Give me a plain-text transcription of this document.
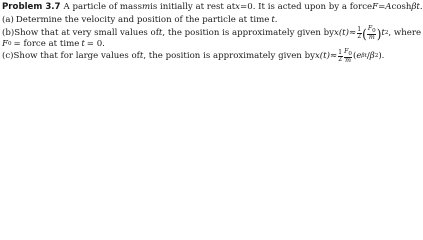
Problem 3.7 A particle of mass m is initially at rest at x = 0 . It is acted upon by a force F = A cosh βt .
(a) Determine the velocity and position of the particle at time t .
(b) Show that at very small values of t , the position is approximately given by $x(t) \approx \frac{1}{2}$ ( $\frac{F0}{m}$ ) t 2 , where
F 0 = force at time t = 0.
(c) Show that for large values of t , the position is approximately given by $x(t) \approx \frac{1}{2} \frac{F0}{m}$ ( e βt / β 2 ).
